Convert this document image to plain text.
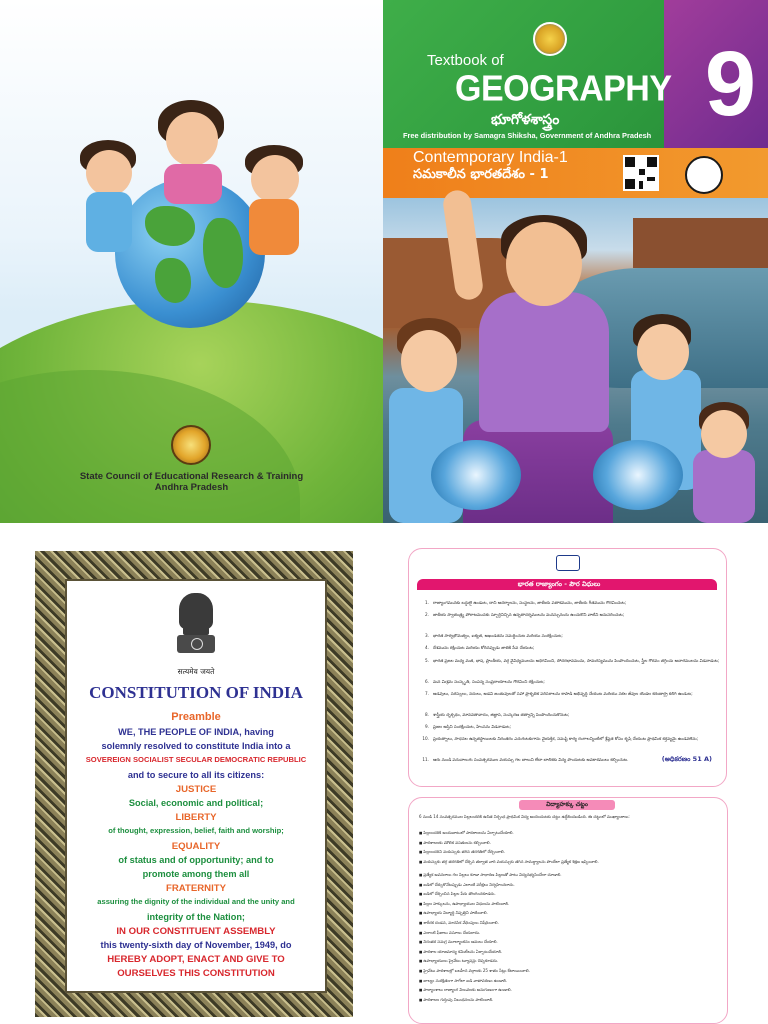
State Council of Educational Research & Training
Andhra Pradesh
9
Textbook of
GEOGRAPHY
భూగోళశాస్త్రం
Free distribution by Samagra Shiksha, Government of Andhra Pradesh
Contemporary India-1
సమకాలీన భారతదేశం - 1
सत्यमेव जयते
CONSTITUTION OF INDIA
Preamble
WE, THE PEOPLE OF INDIA, having
solemnly resolved to constitute India into a
SOVEREIGN SOCIALIST SECULAR DEMOCRATIC REPUBLIC
and to secure to all its citizens:
JUSTICE
Social, economic and political;
LIBERTY
of thought, expression, belief, faith and worship;
EQUALITY
of status and of opportunity; and to
promote among them all
FRATERNITY
assuring the dignity of the individual and the unity and
integrity of the Nation;
IN OUR CONSTITUENT ASSEMBLY
this twenty-sixth day of November, 1949, do
HEREBY ADOPT, ENACT AND GIVE TO
OURSELVES THIS CONSTITUTION
భారత రాజ్యాంగం - పౌర విధులు
(అధికరణం 51 A)
1. రాజ్యాంగమునకు బద్ధులై ఉండుట, దాని ఆదర్శాలను, సంస్థలను, జాతీయ పతాకమును, జాతీయ గీతమును గౌరవించుట;
2. జాతీయ స్వాతంత్ర్య పోరాటమునకు స్ఫూర్తినిచ్చిన ఉన్నతాదర్శములను మనస్సునందు ఉంచుకొని వాటిని అనుసరించుట;
3. భారత సార్వభౌమత్వం, ఐక్యత, అఖండతను సమర్థించుట మరియు సంరక్షించుట;
4. దేశమును రక్షించుట మరియు కోరినప్పుడు జాతికి సేవ చేయుట;
5. భారత ప్రజల మధ్య మత, భాష, ప్రాంతీయ, వర్గ వైవిధ్యములను అధిగమించి, సోదరభావమును, సామరస్యమును పెంపొందించుట, స్త్రీల గౌరవం తగ్గించు ఆచారములను విడనాడుట;
6. మన మిశ్రమ సంస్కృతి, సంపన్న సంప్రదాయాలను గౌరవించి రక్షించుట;
7. అడవులు, సరస్సులు, నదులు, అడవి జంతువులతో సహా ప్రాకృతిక పరిసరాలను కాపాడి అభివృద్ధి చేయుట మరియు సకల జీవుల యెడల కరుణార్ద్ర కలిగి ఉండుట;
8. శాస్త్రీయ దృక్పథం, మానవతావాదం, జిజ్ఞాస, సంస్కరణ తత్వాన్ని పెంపొందించుకొనుట;
9. ప్రజల ఆస్తిని సంరక్షించుట, హింసను విడనాడుట;
10. ప్రయత్నాలు, సాధనల ఉన్నతస్థాయిలకు నిరంతరం ఎదుగుటకుగాను వైయక్తిక, సమష్టి కార్య రంగాలన్నింటిలో శ్రేష్ఠత కోసం కృషి చేయుట ప్రాథమిక కర్తవ్యమై ఉండవలెను;
11. ఆరు నుండి పదునాలుగు సంవత్సరముల వయస్సు గల బాలుని లేదా బాలికకు విద్య పొందుటకు అవకాశములు కల్పించుట.
విద్యాహక్కు చట్టం
6 నుండి 14 సంవత్సరముల పిల్లలందరికి ఉచిత నిర్బంధ ప్రాథమిక విద్య అందించుటకు చట్టం ఉద్దేశించబడింది. ఈ చట్టంలో ముఖ్యాంశాలు:
■ పిల్లలందరికి అందుబాటులో పాఠశాలలను ఏర్పాటుచేయాలి.
■ పాఠశాలలకు మౌలిక వసతులను కల్పించాలి.
■ పిల్లలందరిని వయస్సుకు తగిన తరగతిలో చేర్పించాలి.
■ వయస్సుకు తగ్గ తరగతిలో చేర్పిన తర్వాత వారి వయస్సుకు తగిన సామర్థ్యాలను పొందేలా ప్రత్యేక శిక్షణ ఇప్పించాలి.
■ ప్రత్యేక అవసరాలు గల పిల్లలు కూడా సాధారణ పిల్లలతో పాటు విద్యనభ్యసించేలా చూడాలి.
■ బడిలో చేర్చుకొనేటప్పుడు ఎలాంటి పరీక్షలు నిర్వహించరాదు.
■ బడిలో చేర్పించిన పిల్లల పేరు తొలగించకూడదు.
■ పిల్లల హక్కులను, ఉపాధ్యాయుల విధులను పాటించాలి.
■ ఉపాధ్యాయ విద్యార్థి నిష్పత్తిని పాటించాలి.
■ శారీరక దండన, మానసిక వేధింపులు నిషేధించాలి.
■ ఎలాంటి ఫీజులు వసూలు చేయరాదు.
■ నిరంతర సమగ్ర మూల్యాంకనం అమలు చేయాలి.
■ పాఠశాల యాజమాన్య కమిటీలను ఏర్పాటుచేయాలి.
■ ఉపాధ్యాయులు ప్రైవేటు ట్యూషన్లు చెప్పకూడదు.
■ ప్రైవేటు పాఠశాలల్లో బలహీన వర్గాలకు 25 శాతం సీట్లు కేటాయించాలి.
■ బాల్యం సురక్షితంగా సాగేలా బడి వాతావరణం ఉండాలి.
■ పాఠ్యాంశాలు రాజ్యాంగ విలువలకు అనుగుణంగా ఉండాలి.
■ పాఠశాలల గుర్తింపు నిబంధనలను పాటించాలి.
